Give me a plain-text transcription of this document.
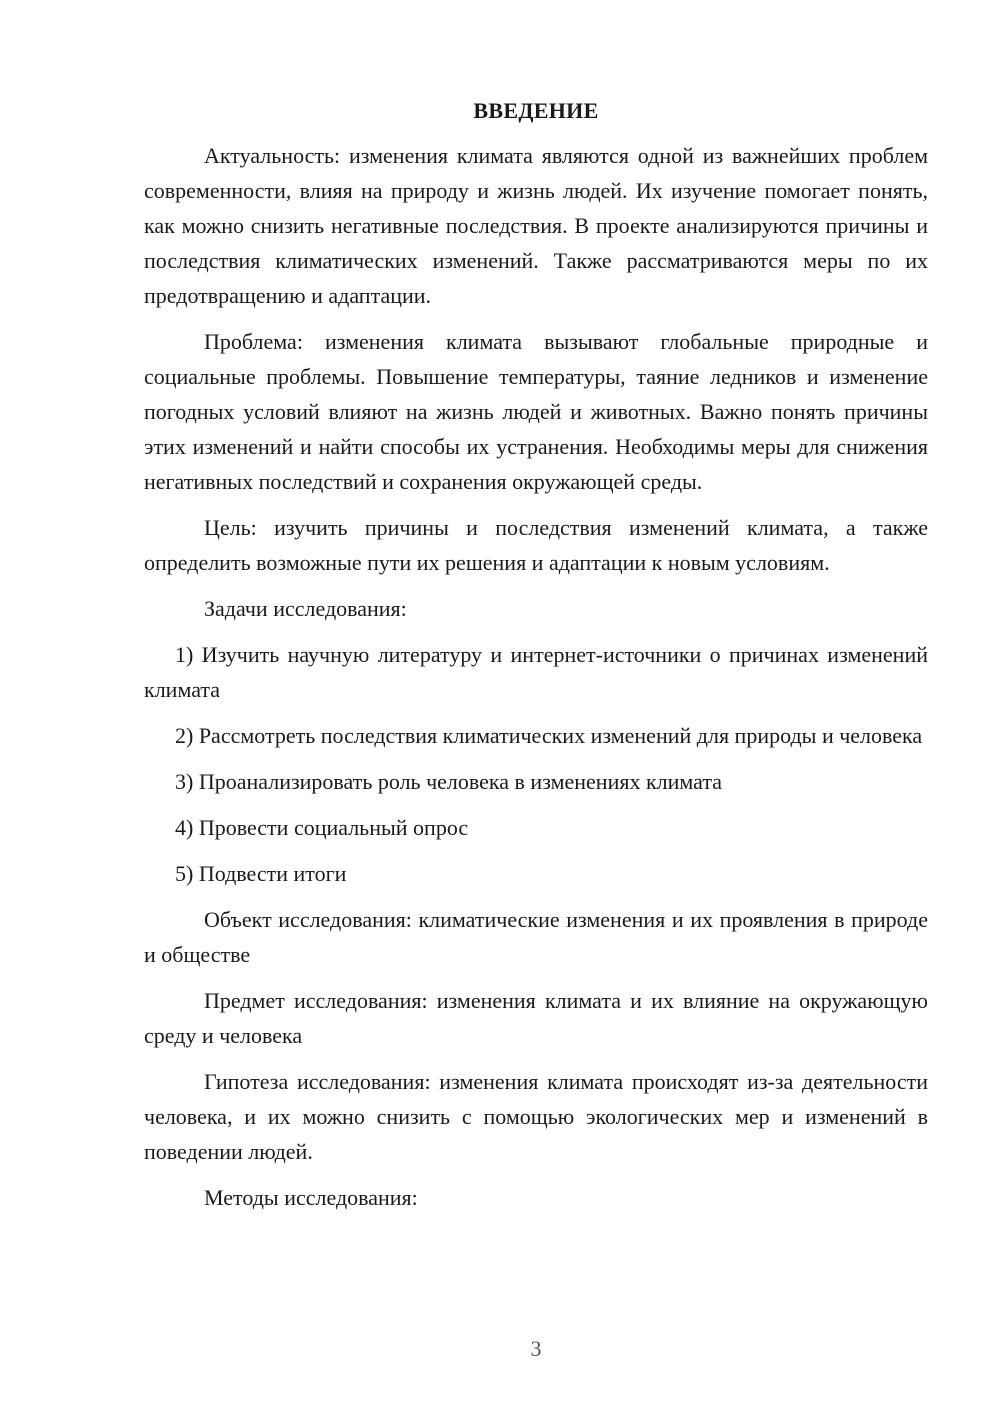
ВВЕДЕНИЕ
Актуальность: изменения климата являются одной из важнейших проблем современности, влияя на природу и жизнь людей. Их изучение помогает понять, как можно снизить негативные последствия. В проекте анализируются причины и последствия климатических изменений. Также рассматриваются меры по их предотвращению и адаптации.
Проблема: изменения климата вызывают глобальные природные и социальные проблемы. Повышение температуры, таяние ледников и изменение погодных условий влияют на жизнь людей и животных. Важно понять причины этих изменений и найти способы их устранения. Необходимы меры для снижения негативных последствий и сохранения окружающей среды.
Цель: изучить причины и последствия изменений климата, а также определить возможные пути их решения и адаптации к новым условиям.
Задачи исследования:
1) Изучить научную литературу и интернет-источники о причинах изменений климата
2) Рассмотреть последствия климатических изменений для природы и человека
3) Проанализировать роль человека в изменениях климата
4) Провести социальный опрос
5) Подвести итоги
Объект исследования: климатические изменения и их проявления в природе и обществе
Предмет исследования: изменения климата и их влияние на окружающую среду и человека
Гипотеза исследования: изменения климата происходят из-за деятельности человека, и их можно снизить с помощью экологических мер и изменений в поведении людей.
Методы исследования:
3
